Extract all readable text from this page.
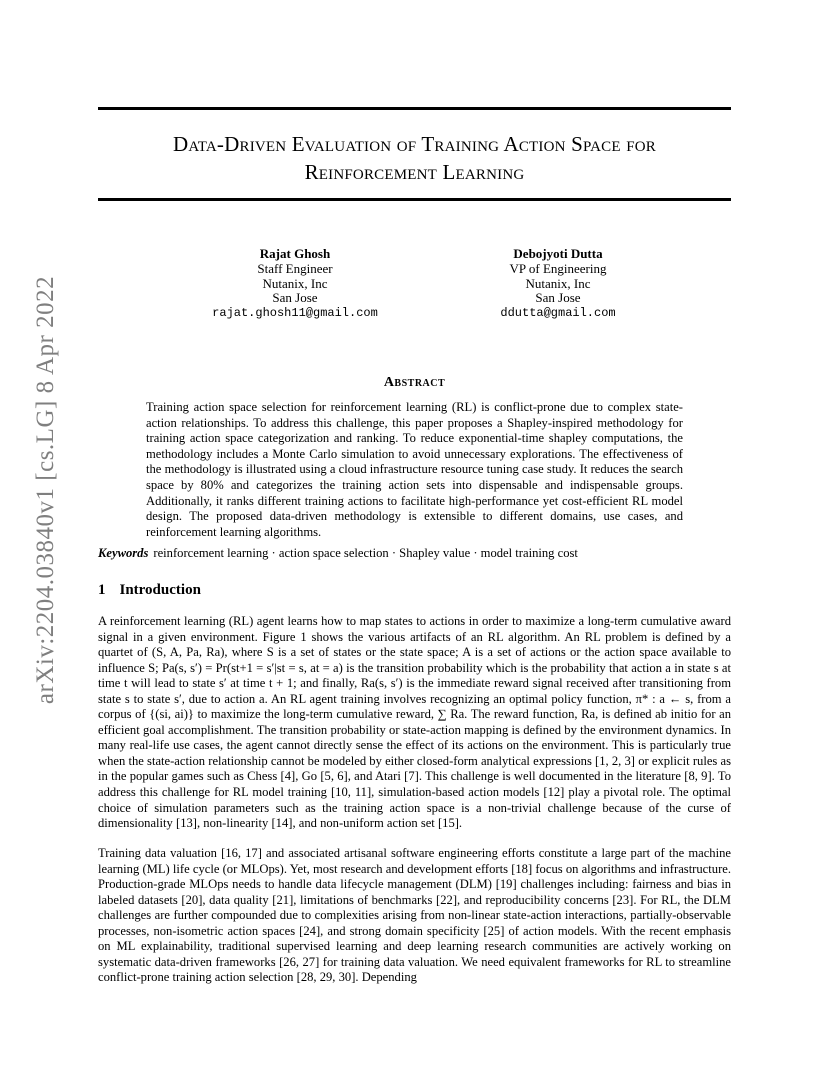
Data-Driven Evaluation of Training Action Space for
Reinforcement Learning
arXiv:2204.03840v1 [cs.LG] 8 Apr 2022
Rajat Ghosh
Staff Engineer
Nutanix, Inc
San Jose
rajat.ghosh11@gmail.com
Debojyoti Dutta
VP of Engineering
Nutanix, Inc
San Jose
ddutta@gmail.com
Abstract
Training action space selection for reinforcement learning (RL) is conflict-prone due to complex state-action relationships. To address this challenge, this paper proposes a Shapley-inspired methodology for training action space categorization and ranking. To reduce exponential-time shapley computations, the methodology includes a Monte Carlo simulation to avoid unnecessary explorations. The effectiveness of the methodology is illustrated using a cloud infrastructure resource tuning case study. It reduces the search space by 80% and categorizes the training action sets into dispensable and indispensable groups. Additionally, it ranks different training actions to facilitate high-performance yet cost-efficient RL model design. The proposed data-driven methodology is extensible to different domains, use cases, and reinforcement learning algorithms.
Keywords reinforcement learning · action space selection · Shapley value · model training cost
1 Introduction
A reinforcement learning (RL) agent learns how to map states to actions in order to maximize a long-term cumulative award signal in a given environment. Figure 1 shows the various artifacts of an RL algorithm. An RL problem is defined by a quartet of (S, A, Pa, Ra), where S is a set of states or the state space; A is a set of actions or the action space available to influence S; Pa(s, s′) = Pr(st+1 = s′|st = s, at = a) is the transition probability which is the probability that action a in state s at time t will lead to state s′ at time t + 1; and finally, Ra(s, s′) is the immediate reward signal received after transitioning from state s to state s′, due to action a. An RL agent training involves recognizing an optimal policy function, π* : a ← s, from a corpus of {(si, ai)} to maximize the long-term cumulative reward, ∑ Ra. The reward function, Ra, is defined ab initio for an efficient goal accomplishment. The transition probability or state-action mapping is defined by the environment dynamics. In many real-life use cases, the agent cannot directly sense the effect of its actions on the environment. This is particularly true when the state-action relationship cannot be modeled by either closed-form analytical expressions [1, 2, 3] or explicit rules as in the popular games such as Chess [4], Go [5, 6], and Atari [7]. This challenge is well documented in the literature [8, 9]. To address this challenge for RL model training [10, 11], simulation-based action models [12] play a pivotal role. The optimal choice of simulation parameters such as the training action space is a non-trivial challenge because of the curse of dimensionality [13], non-linearity [14], and non-uniform action set [15].
Training data valuation [16, 17] and associated artisanal software engineering efforts constitute a large part of the machine learning (ML) life cycle (or MLOps). Yet, most research and development efforts [18] focus on algorithms and infrastructure. Production-grade MLOps needs to handle data lifecycle management (DLM) [19] challenges including: fairness and bias in labeled datasets [20], data quality [21], limitations of benchmarks [22], and reproducibility concerns [23]. For RL, the DLM challenges are further compounded due to complexities arising from non-linear state-action interactions, partially-observable processes, non-isometric action spaces [24], and strong domain specificity [25] of action models. With the recent emphasis on ML explainability, traditional supervised learning and deep learning research communities are actively working on systematic data-driven frameworks [26, 27] for training data valuation. We need equivalent frameworks for RL to streamline conflict-prone training action selection [28, 29, 30]. Depending
